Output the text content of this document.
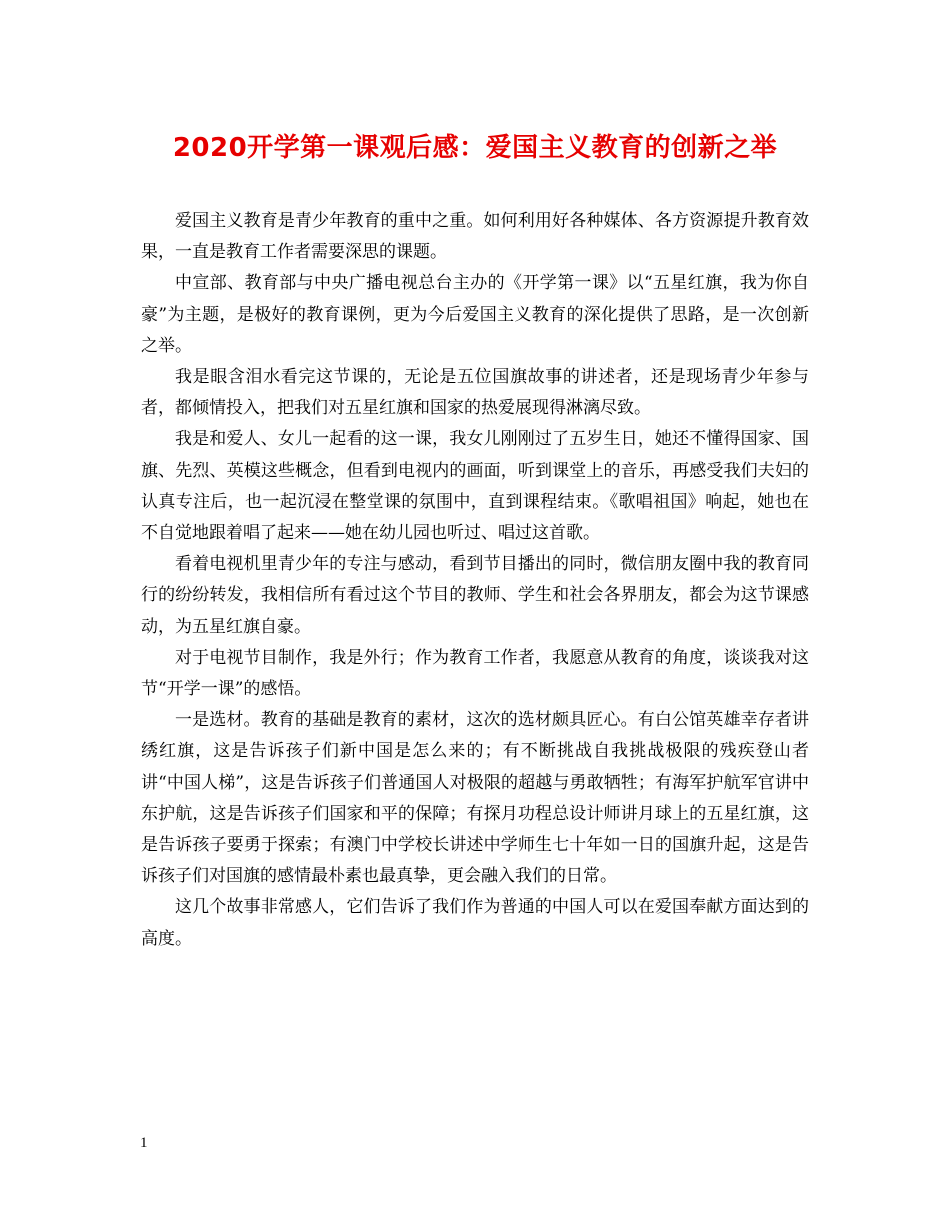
2020开学第一课观后感：爱国主义教育的创新之举

爱国主义教育是青少年教育的重中之重。如何利用好各种媒体、各方资源提升教育效果，一直是教育工作者需要深思的课题。

中宣部、教育部与中央广播电视总台主办的《开学第一课》以“五星红旗，我为你自豪”为主题，是极好的教育课例，更为今后爱国主义教育的深化提供了思路，是一次创新之举。

我是眼含泪水看完这节课的，无论是五位国旗故事的讲述者，还是现场青少年参与者，都倾情投入，把我们对五星红旗和国家的热爱展现得淋漓尽致。

我是和爱人、女儿一起看的这一课，我女儿刚刚过了五岁生日，她还不懂得国家、国旗、先烈、英模这些概念，但看到电视内的画面，听到课堂上的音乐，再感受我们夫妇的认真专注后，也一起沉浸在整堂课的氛围中，直到课程结束。《歌唱祖国》响起，她也在不自觉地跟着唱了起来——她在幼儿园也听过、唱过这首歌。

看着电视机里青少年的专注与感动，看到节目播出的同时，微信朋友圈中我的教育同行的纷纷转发，我相信所有看过这个节目的教师、学生和社会各界朋友，都会为这节课感动，为五星红旗自豪。

对于电视节目制作，我是外行；作为教育工作者，我愿意从教育的角度，谈谈我对这节“开学一课”的感悟。

一是选材。教育的基础是教育的素材，这次的选材颇具匠心。有白公馆英雄幸存者讲绣红旗，这是告诉孩子们新中国是怎么来的；有不断挑战自我挑战极限的残疾登山者讲“中国人梯”，这是告诉孩子们普通国人对极限的超越与勇敢牺牲；有海军护航军官讲中东护航，这是告诉孩子们国家和平的保障；有探月功程总设计师讲月球上的五星红旗，这是告诉孩子要勇于探索；有澳门中学校长讲述中学师生七十年如一日的国旗升起，这是告诉孩子们对国旗的感情最朴素也最真挚，更会融入我们的日常。

这几个故事非常感人，它们告诉了我们作为普通的中国人可以在爱国奉献方面达到的高度。

1
